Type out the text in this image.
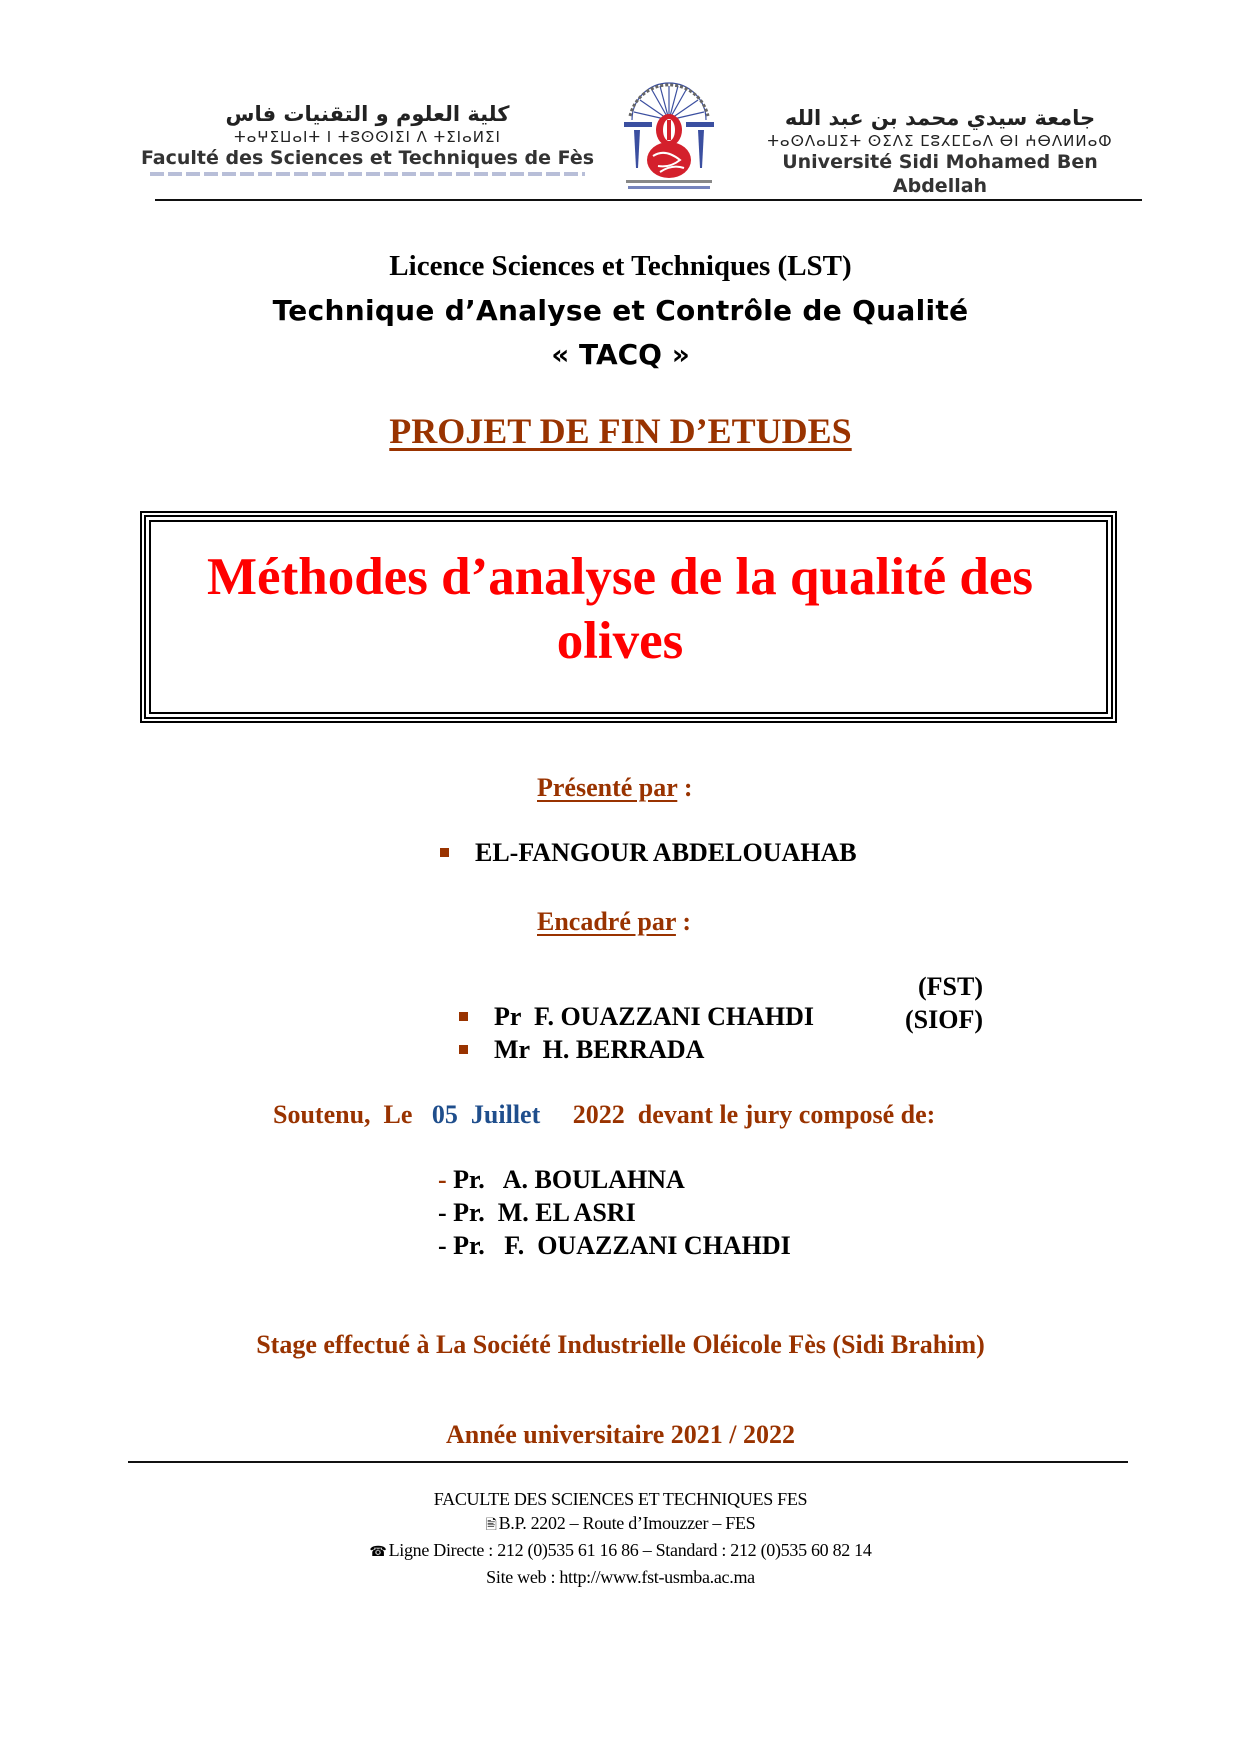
كلية العلوم و التقنيات فاس
ⵜⴰⵖⵉⵡⴰⵏⵜ ⵏ ⵜⵓⵙⵙⵏⵉⵏ ⴷ ⵜⵉⵏⴰⵍⵉⵏ
Faculté des Sciences et Techniques de Fès
جامعة سيدي محمد بن عبد الله
ⵜⴰⵙⴷⴰⵡⵉⵜ ⵙⵉⴷⵉ ⵎⵓⵃⵎⵎⴰⴷ ⴱⵏ ⵄⴱⴷⵍⵍⴰⵀ
Université Sidi Mohamed Ben Abdellah
Licence Sciences et Techniques (LST)
Technique d’Analyse et Contrôle de Qualité
« TACQ »
PROJET DE FIN D’ETUDES
Méthodes d’analyse de la qualité des
olives
Présenté par :
EL-FANGOUR ABDELOUAHAB
Encadré par :

Pr  F. OUAZZANI CHAHDI

(FST)

Mr  H. BERRADA

(SIOF)
Soutenu,  Le   05  Juillet     2022  devant le jury composé de:
- Pr.   A. BOULAHNA
- Pr.  M. EL ASRI
- Pr.   F.  OUAZZANI CHAHDI
Stage effectué à La Société Industrielle Oléicole Fès (Sidi Brahim)
Année universitaire 2021 / 2022
FACULTE DES SCIENCES ET TECHNIQUES FES
🖹 B.P. 2202 – Route d’Imouzzer – FES
☎ Ligne Directe : 212 (0)535 61 16 86 – Standard : 212 (0)535 60 82 14
Site web : http://www.fst-usmba.ac.ma
